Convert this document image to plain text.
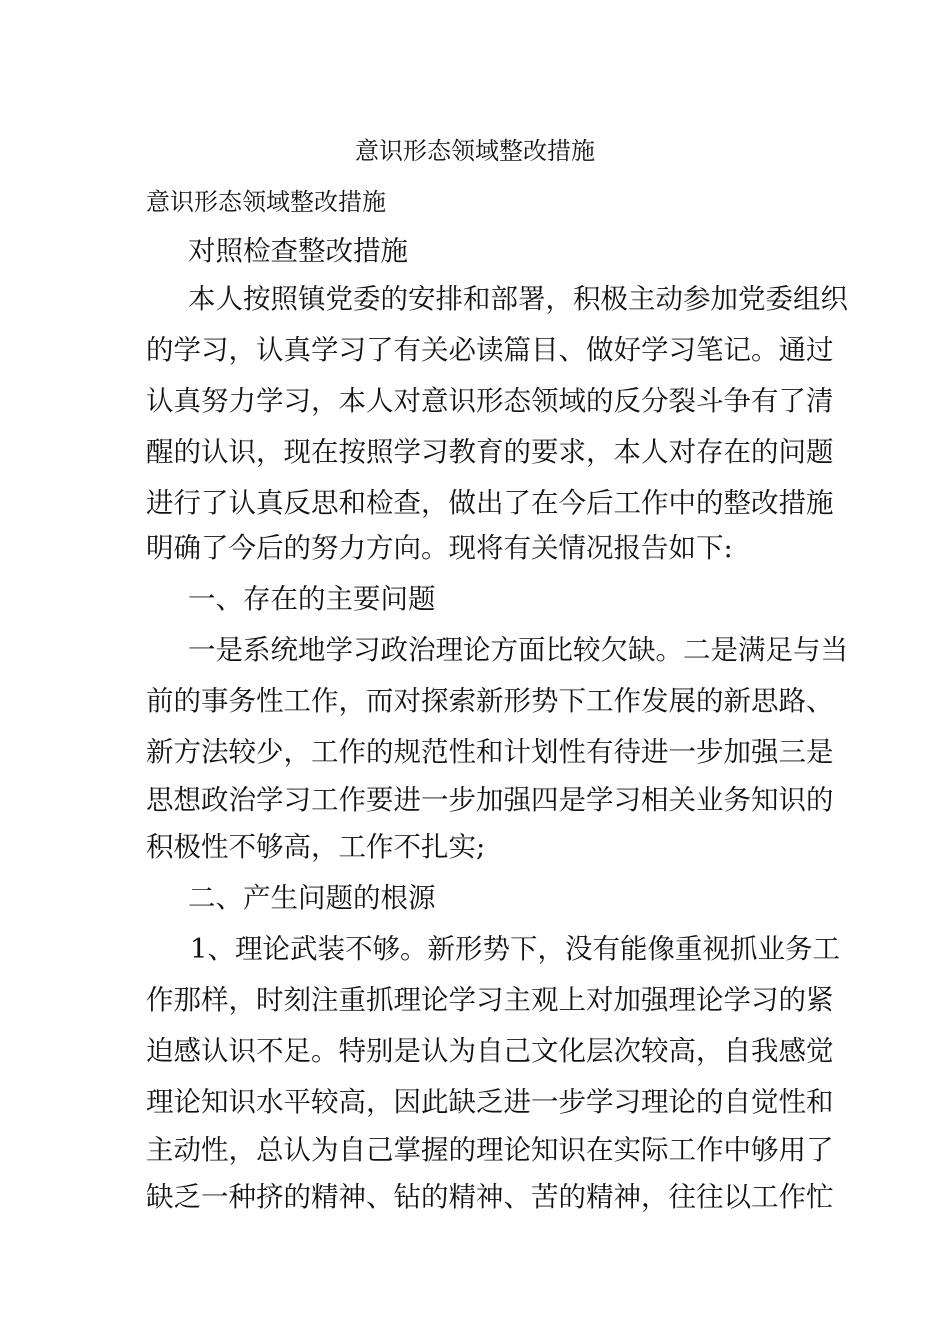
意识形态领域整改措施

意识形态领域整改措施

对照检查整改措施

本人按照镇党委的安排和部署，积极主动参加党委组织

的学习，认真学习了有关必读篇目、做好学习笔记。通过

认真努力学习，本人对意识形态领域的反分裂斗争有了清

醒的认识，现在按照学习教育的要求，本人对存在的问题

进行了认真反思和检查，做出了在今后工作中的整改措施

明确了今后的努力方向。现将有关情况报告如下:

一、存在的主要问题

一是系统地学习政治理论方面比较欠缺。二是满足与当

前的事务性工作，而对探索新形势下工作发展的新思路、

新方法较少，工作的规范性和计划性有待进一步加强三是

思想政治学习工作要进一步加强四是学习相关业务知识的

积极性不够高，工作不扎实;

二、产生问题的根源

1、理论武装不够。新形势下，没有能像重视抓业务工

作那样，时刻注重抓理论学习主观上对加强理论学习的紧

迫感认识不足。特别是认为自己文化层次较高，自我感觉

理论知识水平较高，因此缺乏进一步学习理论的自觉性和

主动性，总认为自己掌握的理论知识在实际工作中够用了

缺乏一种挤的精神、钻的精神、苦的精神，往往以工作忙
